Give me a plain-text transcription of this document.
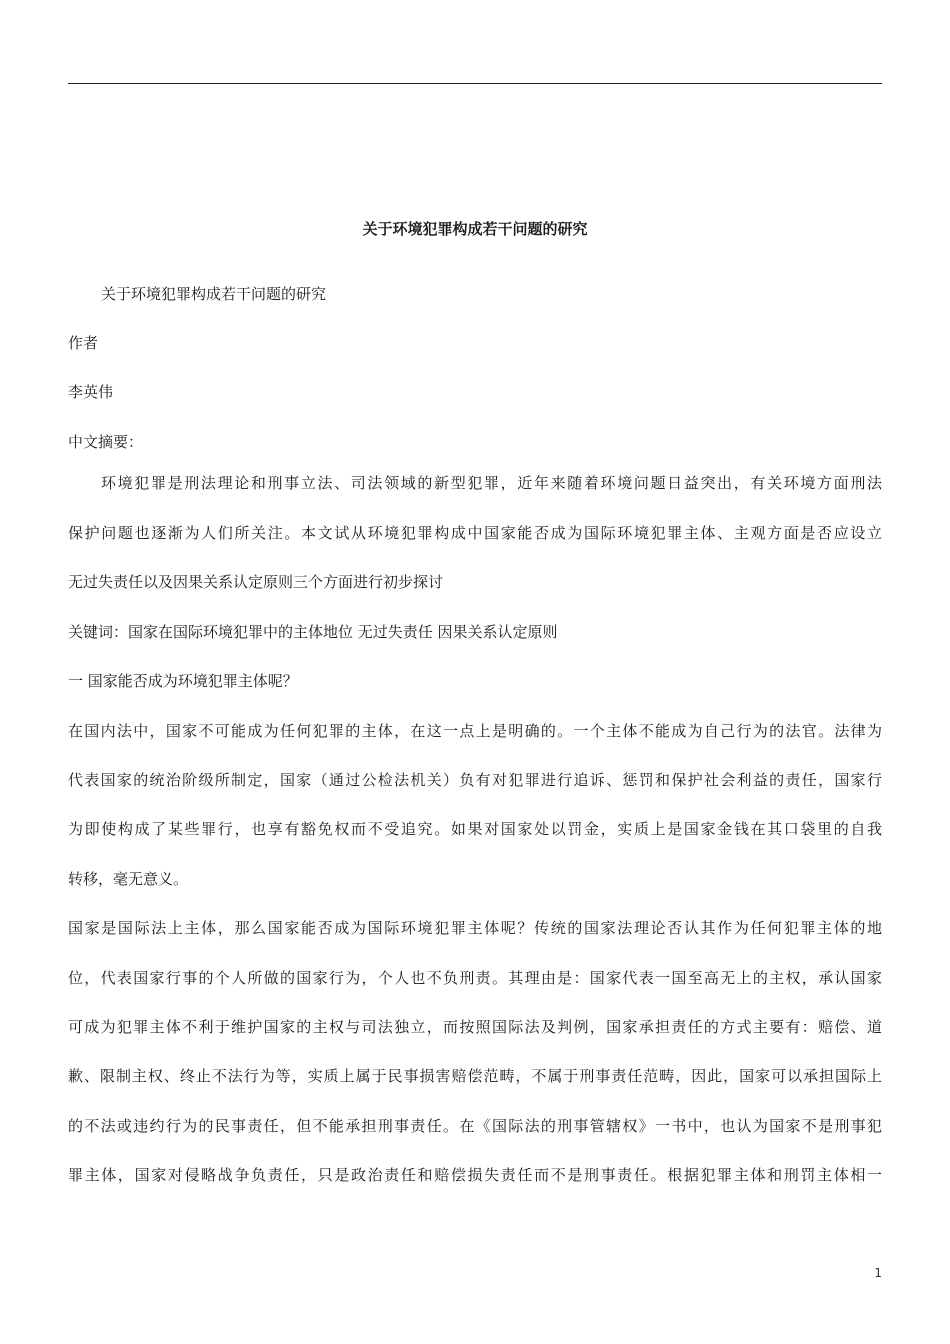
关于环境犯罪构成若干问题的研究
关于环境犯罪构成若干问题的研究
作者
李英伟
中文摘要：
环境犯罪是刑法理论和刑事立法、司法领域的新型犯罪，近年来随着环境问题日益突出，有关环境方面刑法
保护问题也逐渐为人们所关注。本文试从环境犯罪构成中国家能否成为国际环境犯罪主体、主观方面是否应设立
无过失责任以及因果关系认定原则三个方面进行初步探讨
关键词：国家在国际环境犯罪中的主体地位 无过失责任 因果关系认定原则
一 国家能否成为环境犯罪主体呢？
在国内法中，国家不可能成为任何犯罪的主体，在这一点上是明确的。一个主体不能成为自己行为的法官。法律为
代表国家的统治阶级所制定，国家（通过公检法机关）负有对犯罪进行追诉、惩罚和保护社会利益的责任，国家行
为即使构成了某些罪行，也享有豁免权而不受追究。如果对国家处以罚金，实质上是国家金钱在其口袋里的自我
转移，毫无意义。
国家是国际法上主体，那么国家能否成为国际环境犯罪主体呢？传统的国家法理论否认其作为任何犯罪主体的地
位，代表国家行事的个人所做的国家行为，个人也不负刑责。其理由是：国家代表一国至高无上的主权，承认国家
可成为犯罪主体不利于维护国家的主权与司法独立，而按照国际法及判例，国家承担责任的方式主要有：赔偿、道
歉、限制主权、终止不法行为等，实质上属于民事损害赔偿范畴，不属于刑事责任范畴，因此，国家可以承担国际上
的不法或违约行为的民事责任，但不能承担刑事责任。在《国际法的刑事管辖权》一书中，也认为国家不是刑事犯
罪主体，国家对侵略战争负责任，只是政治责任和赔偿损失责任而不是刑事责任。根据犯罪主体和刑罚主体相一
1
